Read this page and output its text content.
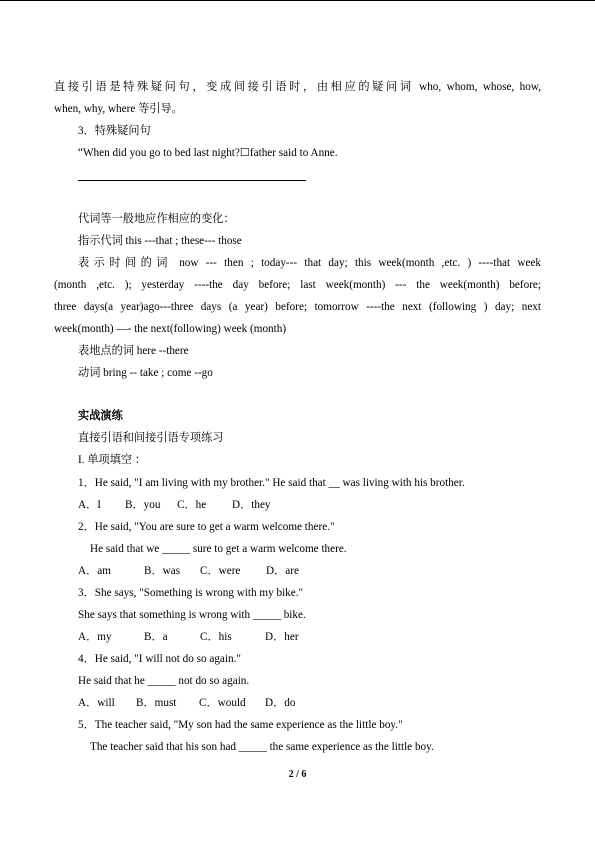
直接引语是特殊疑问句，变成间接引语时，由相应的疑问词 who, whom, whose, how,
when, why, where 等引导。
3．特殊疑问句
“When did you go to bed last night?☐father said to Anne.
代词等一般地应作相应的变化：
指示代词 this ---that ; these--- those
表示时间的词 now --- then ; today--- that day; this week(month ,etc. ) ----that week
(month ,etc. ); yesterday ----the day before; last week(month) --- the week(month) before;
three days(a year)ago---three days (a year) before; tomorrow ----the next (following ) day; next
week(month) —- the next(following) week (month)
表地点的词 here --there
动词 bring -- take ; come --go
实战演练
直接引语和间接引语专项练习
I. 单项填空 ：
1．He said, "I am living with my brother." He said that __ was living with his brother.
A．I B．you C．he D．they
2．He said, "You are sure to get a warm welcome there."
He said that we _____ sure to get a warm welcome there.
A．am	B．was C．were D．are
3．She says, "Something is wrong with my bike."
She says that something is wrong with _____ bike.
A．my	B．a	C．his	D．her
4．He said, "I will not do so again."
He said that he _____ not do so again.
A．will B．must C．would D．do
5．The teacher said, "My son had the same experience as the little boy."
The teacher said that his son had _____ the same experience as the little boy.
2 / 6
